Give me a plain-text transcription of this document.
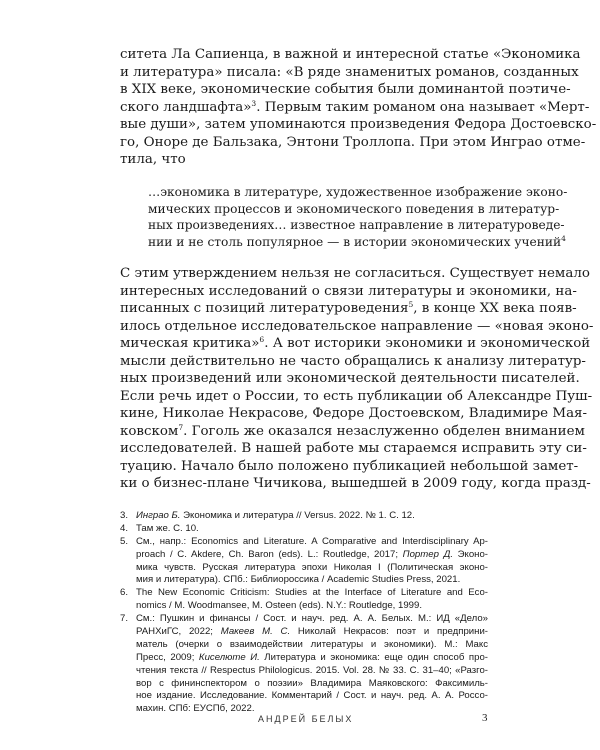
ситета Ла Сапиенца, в важной и интересной статье «Экономика
и литература» писала: «В ряде знаменитых романов, созданных
в XIX веке, экономические события были доминантой поэтиче-
ского ландшафта»$^3$. Первым таким романом она называет «Мерт-
вые души», затем упоминаются произведения Федора Достоевско-
го, Оноре де Бальзака, Энтони Троллопа. При этом Инграо отме-
тила, что
…экономика в литературе, художественное изображение эконо-
мических процессов и экономического поведения в литератур-
ных произведениях… известное направление в литературоведе-
нии и не столь популярное — в истории экономических учений$^4$
С этим утверждением нельзя не согласиться. Существует немало
интересных исследований о связи литературы и экономики, на-
писанных с позиций литературоведения$^5$, в конце XX века появ-
илось отдельное исследовательское направление — «новая эконо-
мическая критика»$^6$. А вот историки экономики и экономической
мысли действительно не часто обращались к анализу литератур-
ных произведений или экономической деятельности писателей.
Если речь идет о России, то есть публикации об Александре Пуш-
кине, Николае Некрасове, Федоре Достоевском, Владимире Мая-
ковском$^7$. Гоголь же оказался незаслуженно обделен вниманием
исследователей. В нашей работе мы стараемся исправить эту си-
туацию. Начало было положено публикацией небольшой замет-
ки о бизнес-плане Чичикова, вышедшей в 2009 году, когда празд-
3. Инграо Б. Экономика и литература // Versus. 2022. № 1. С. 12.
4. Там же. С. 10.
5. См., напр.: Economics and Literature. A Comparative and Interdisciplinary Ap-
proach / C. Akdere, Ch. Baron (eds). L.: Routledge, 2017; Портер Д. Эконо-
мика чувств. Русская литература эпохи Николая I (Политическая эконо-
мия и литература). СПб.: Библиороссика / Academic Studies Press, 2021.
6. The New Economic Criticism: Studies at the Interface of Literature and Eco-
nomics / M. Woodmansee, M. Osteen (eds). N.Y.: Routledge, 1999.
7. См.: Пушкин и финансы / Сост. и науч. ред. А. А. Белых. М.: ИД «Дело»
РАНХиГС, 2022; Макеев М. С. Николай Некрасов: поэт и предприни-
матель (очерки о взаимодействии литературы и экономики). М.: Макс
Пресс, 2009; Киселюте И. Литература и экономика: еще один способ про-
чтения текста // Respectus Philologicus. 2015. Vol. 28. № 33. С. 31–40; «Разго-
вор с фининспектором о поэзии» Владимира Маяковского: Факсимиль-
ное издание. Исследование. Комментарий / Сост. и науч. ред. А. А. Россо-
махин. СПб: ЕУСПб, 2022.
АНДРЕЙ БЕЛЫХ	3
